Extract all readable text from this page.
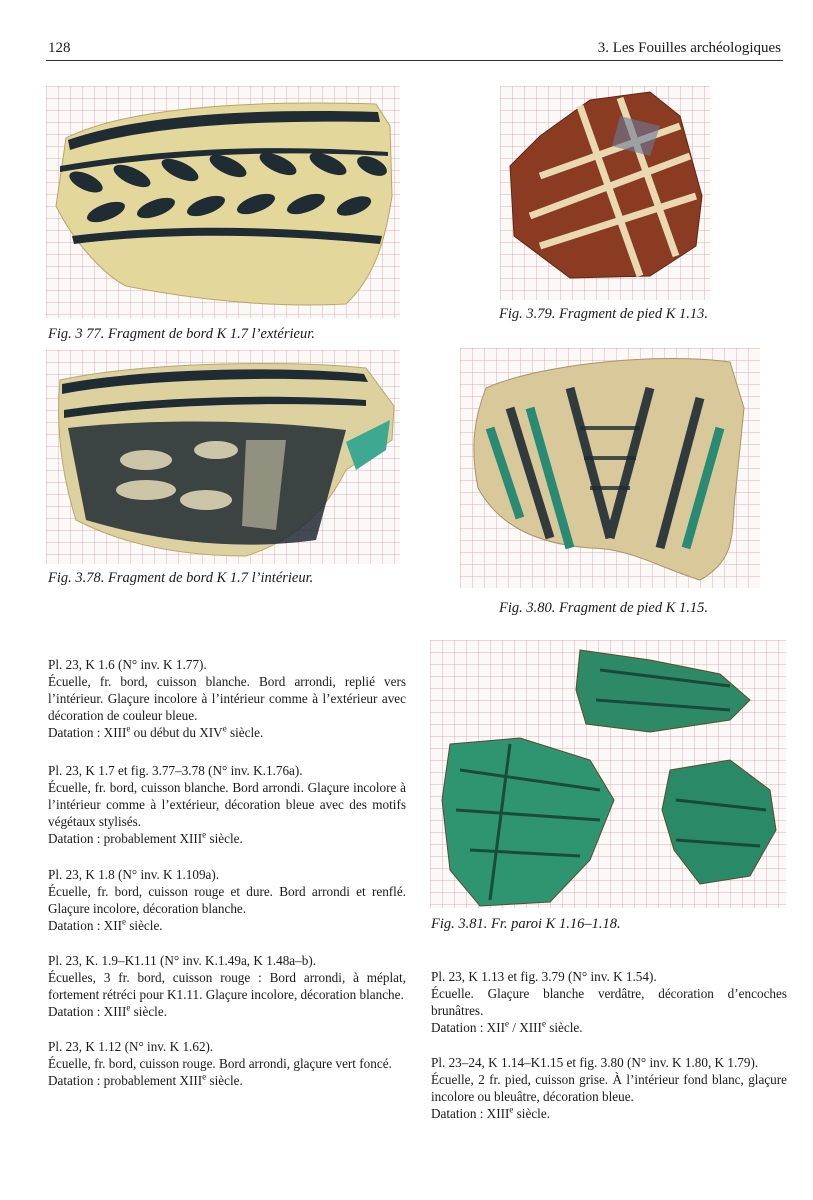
128	3. Les Fouilles archéologiques
Fig. 3 77. Fragment de bord K 1.7 l’extérieur.
Fig. 3.79. Fragment de pied K 1.13.
Fig. 3.78. Fragment de bord K 1.7 l’intérieur.
Fig. 3.80. Fragment de pied K 1.15.
Fig. 3.81. Fr. paroi K 1.16–1.18.

Pl. 23, K 1.6 (N° inv. K 1.77).

Écuelle, fr. bord, cuisson blanche. Bord arrondi, replié vers l’intérieur. Glaçure incolore à l’intérieur comme à l’extérieur avec décoration de couleur bleue.

Datation : XIIIe ou début du XIVe siècle.

Pl. 23, K 1.7 et fig. 3.77–3.78 (N° inv. K.1.76a).

Écuelle, fr. bord, cuisson blanche. Bord arrondi. Glaçure incolore à l’intérieur comme à l’extérieur, décoration bleue avec des motifs végétaux stylisés.

Datation : probablement XIIIe siècle.

Pl. 23, K 1.8 (N° inv. K 1.109a).

Écuelle, fr. bord, cuisson rouge et dure. Bord arrondi et renflé. Glaçure incolore, décoration blanche.

Datation : XIIe siècle.

Pl. 23, K. 1.9–K1.11 (N° inv. K.1.49a, K 1.48a–b).

Écuelles, 3 fr. bord, cuisson rouge : Bord arrondi, à méplat, fortement rétréci pour K1.11. Glaçure incolore, décoration blanche.

Datation : XIIIe siècle.

Pl. 23, K 1.12 (N° inv. K 1.62).

Écuelle, fr. bord, cuisson rouge. Bord arrondi, glaçure vert foncé.

Datation : probablement XIIIe siècle.

Pl. 23, K 1.13 et fig. 3.79 (N° inv. K 1.54).

Écuelle. Glaçure blanche verdâtre, décoration d’encoches brunâtres.

Datation : XIIe / XIIIe siècle.

Pl. 23–24, K 1.14–K1.15 et fig. 3.80 (N° inv. K 1.80, K 1.79).

Écuelle, 2 fr. pied, cuisson grise. À l’intérieur fond blanc, glaçure incolore ou bleuâtre, décoration bleue.

Datation : XIIIe siècle.
